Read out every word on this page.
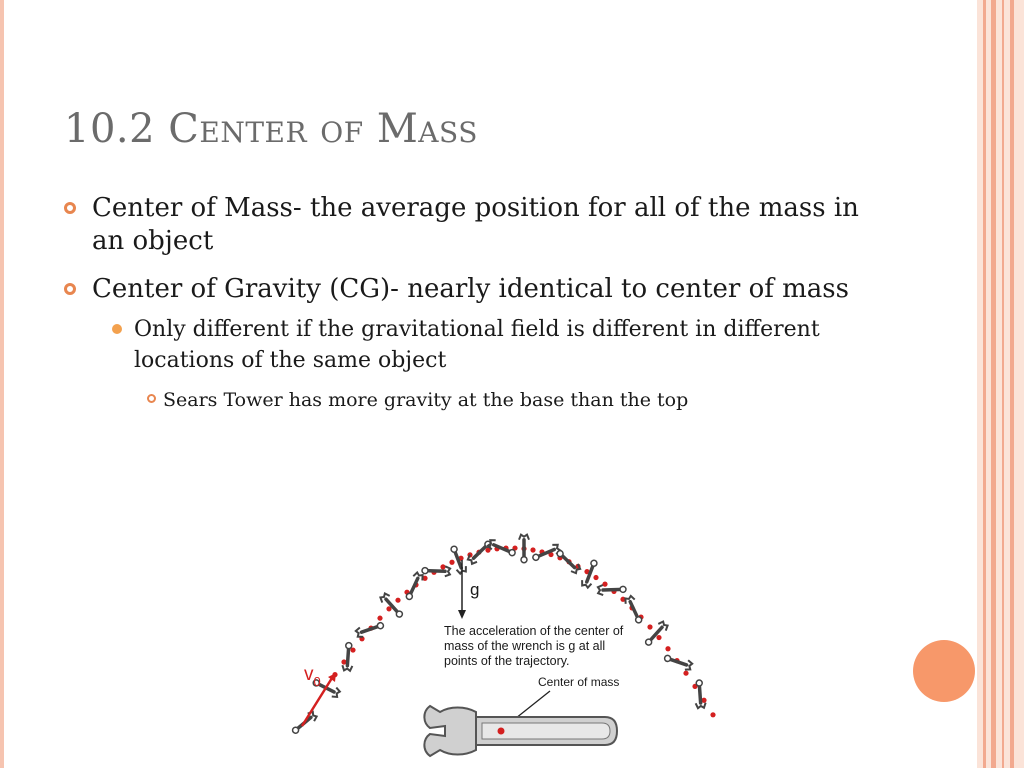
10.2 Center of Mass
Center of Mass- the average position for all of the mass in an object
Center of Gravity (CG)- nearly identical to center of mass
Only different if the gravitational field is different in different locations of the same object
Sears Tower has more gravity at the base than the top
g
The acceleration of the center of
mass of the wrench is g at all
points of the trajectory.
Center of mass
$v_0$
